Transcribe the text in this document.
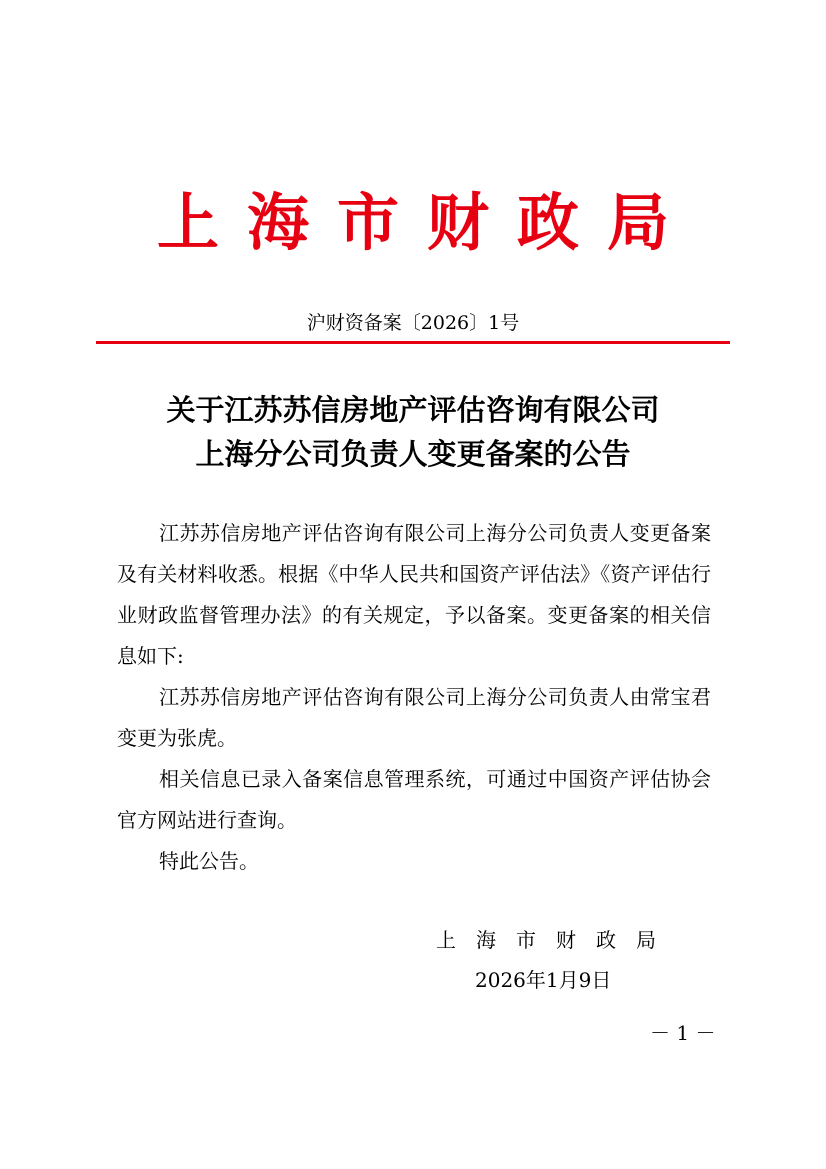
上海市财政局
沪财资备案〔2026〕1号
关于江苏苏信房地产评估咨询有限公司
上海分公司负责人变更备案的公告

江苏苏信房地产评估咨询有限公司上海分公司负责人变更备案及有关材料收悉。根据《中华人民共和国资产评估法》《资产评估行业财政监督管理办法》的有关规定，予以备案。变更备案的相关信息如下:

江苏苏信房地产评估咨询有限公司上海分公司负责人由常宝君变更为张虎。

相关信息已录入备案信息管理系统，可通过中国资产评估协会官方网站进行查询。

特此公告。

上海市财政局
2026年1月9日
－ 1 －
